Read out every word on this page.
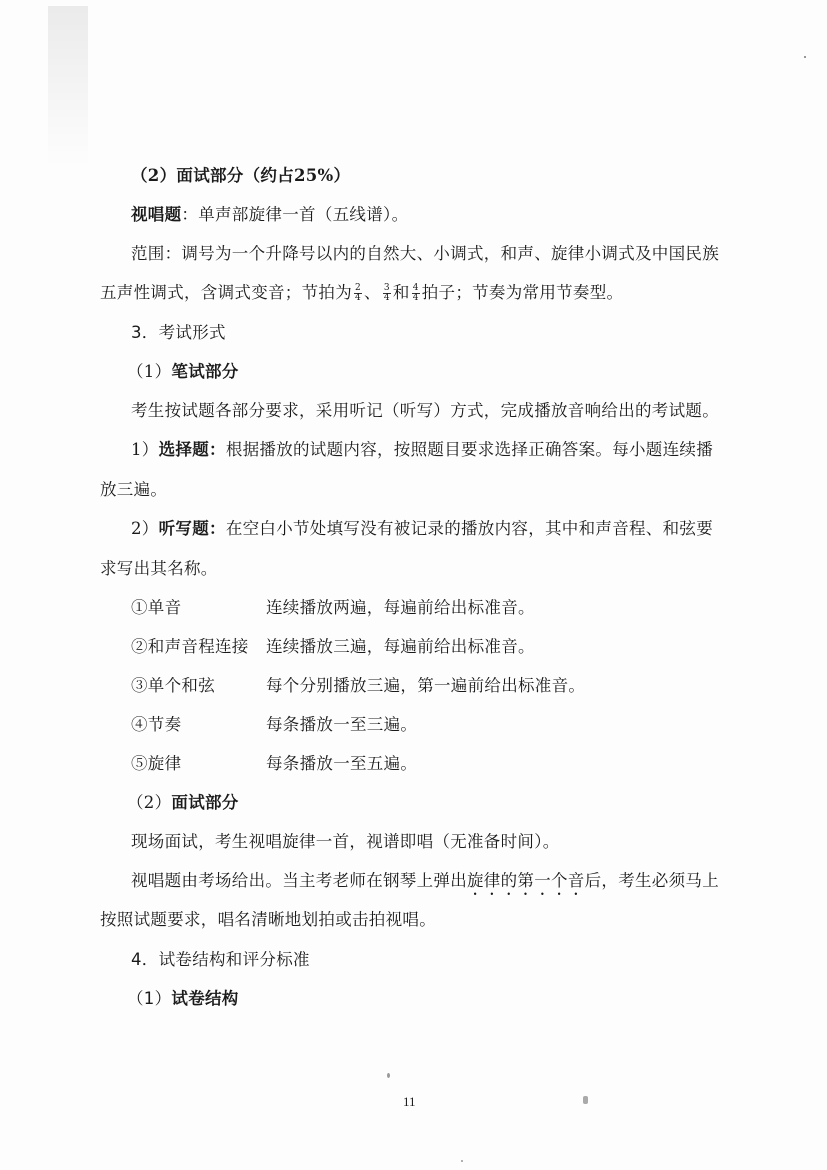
（2）面试部分（约占25%）
视唱题：单声部旋律一首（五线谱）。
范围：调号为一个升降号以内的自然大、小调式，和声、旋律小调式及中国民族
五声性调式，含调式变音；节拍为 $\frac{2}{4}$ 、 $\frac{3}{4}$ 和 $\frac{4}{4}$ 拍子；节奏为常用节奏型。
3．考试形式
（1）笔试部分
考生按试题各部分要求，采用听记（听写）方式，完成播放音响给出的考试题。
1）选择题：根据播放的试题内容，按照题目要求选择正确答案。每小题连续播
放三遍。
2）听写题：在空白小节处填写没有被记录的播放内容，其中和声音程、和弦要
求写出其名称。
①单音	连续播放两遍，每遍前给出标准音。
②和声音程连接 连续播放三遍，每遍前给出标准音。
③单个和弦	每个分别播放三遍，第一遍前给出标准音。
④节奏	每条播放一至三遍。
⑤旋律	每条播放一至五遍。
（2）面试部分
现场面试，考生视唱旋律一首，视谱即唱（无准备时间）。
视唱题由考场给出。当主考老师在钢琴上弹出旋律的第一个音后，考生必须马上
按照试题要求，唱名清晰地划拍或击拍视唱。
4．试卷结构和评分标准
（1）试卷结构
11
